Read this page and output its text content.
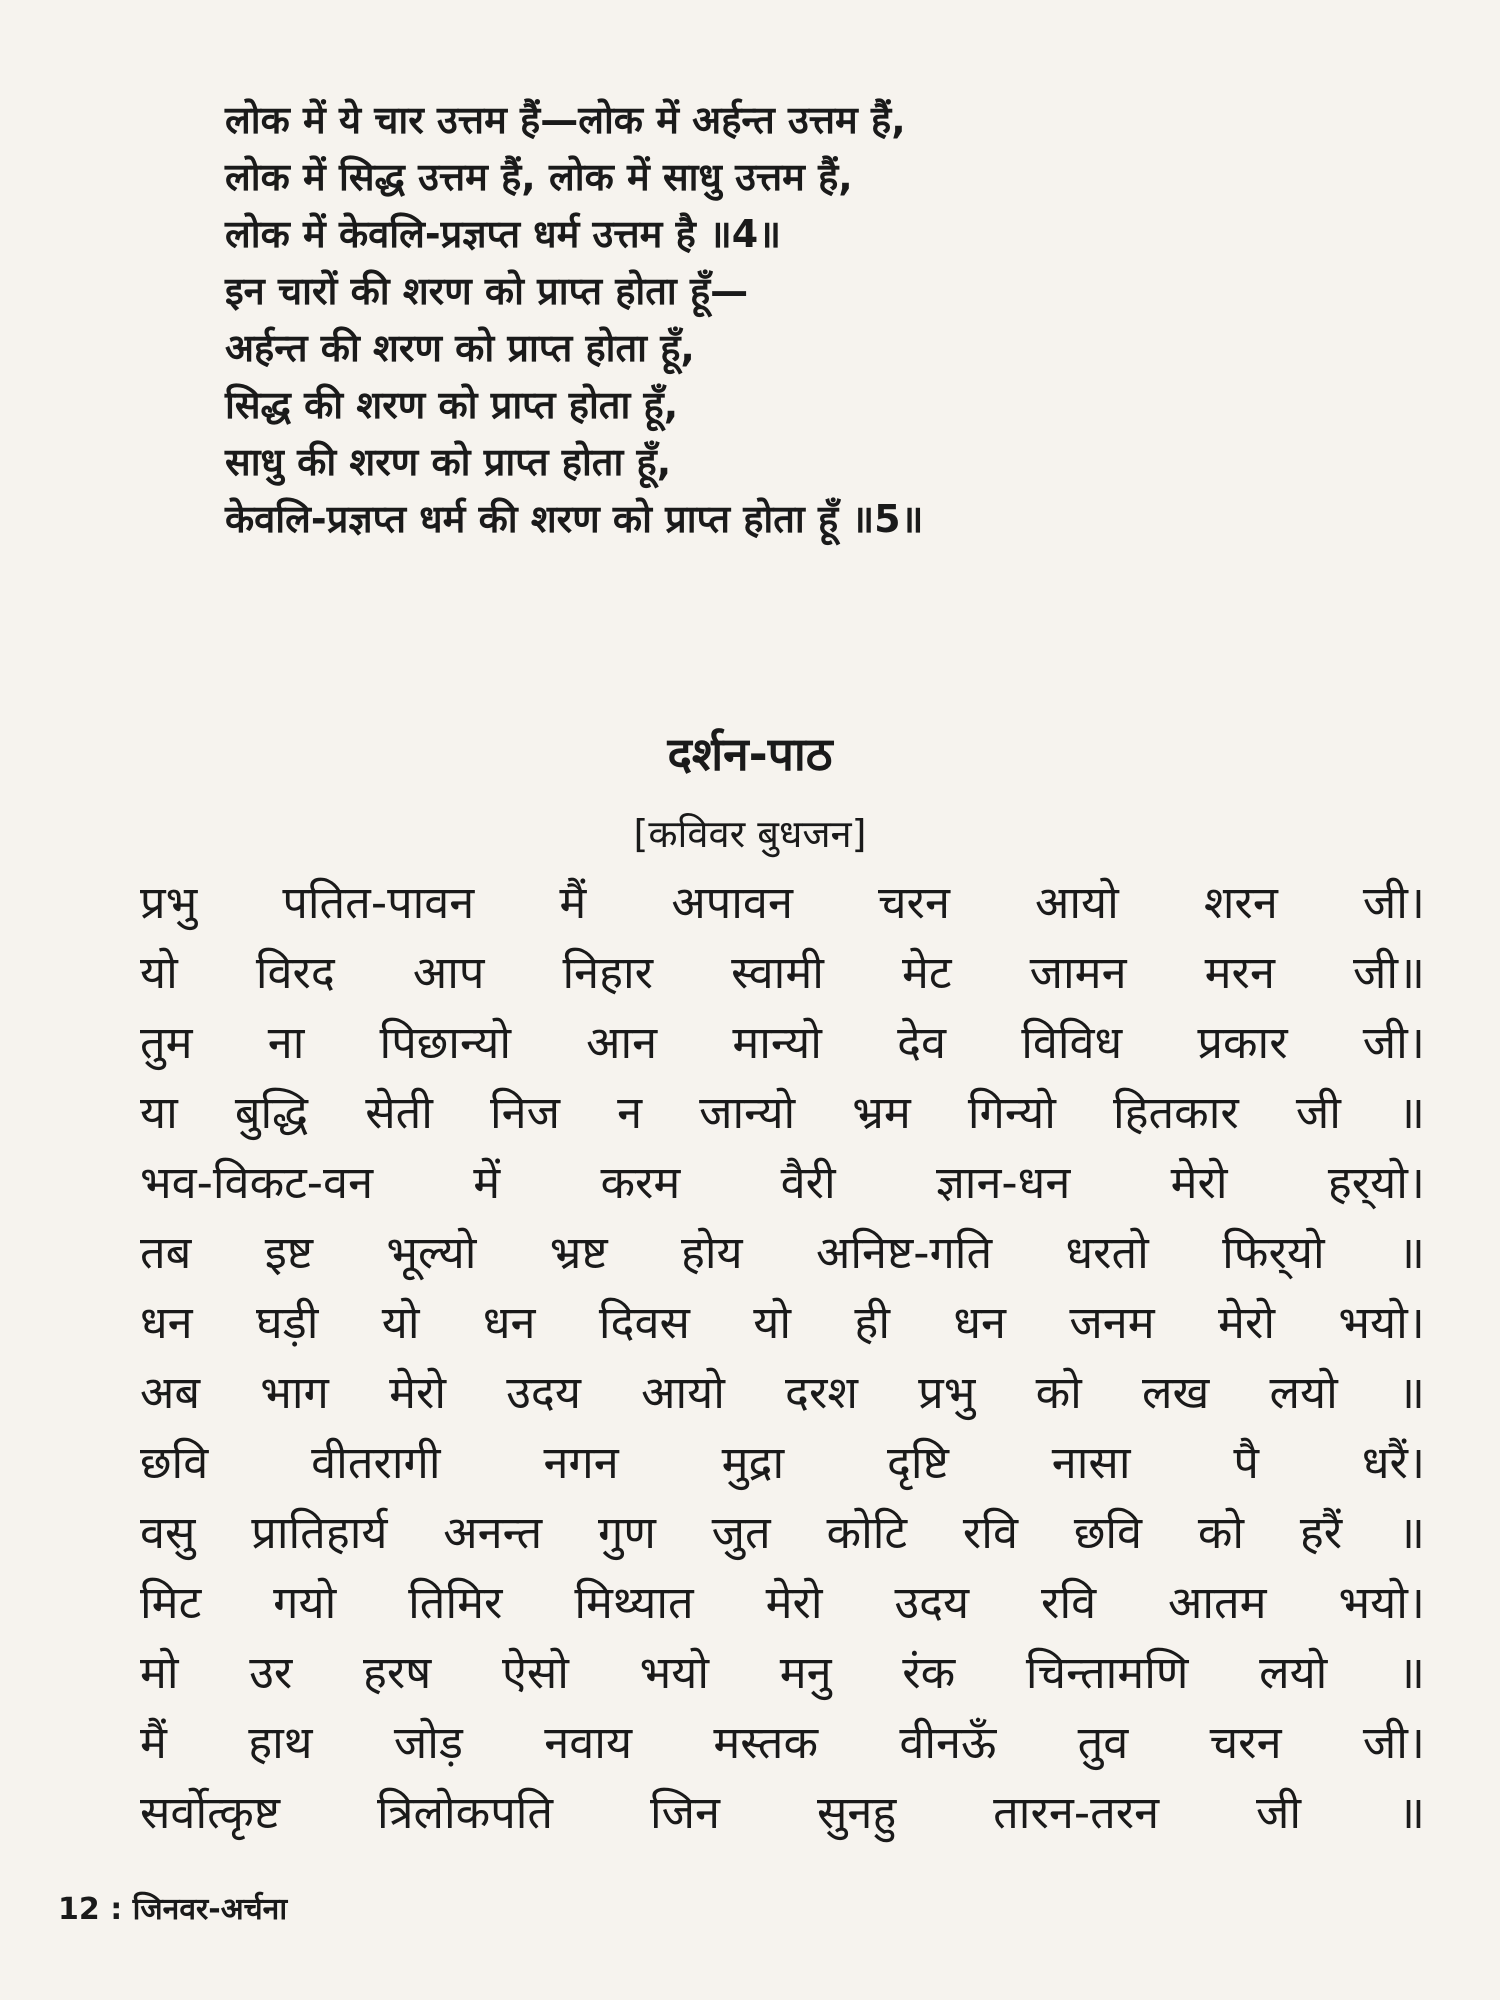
लोक में ये चार उत्तम हैं—लोक में अर्हन्त उत्तम हैं,
लोक में सिद्ध उत्तम हैं, लोक में साधु उत्तम हैं,
लोक में केवलि-प्रज्ञप्त धर्म उत्तम है ॥4॥
इन चारों की शरण को प्राप्त होता हूँ—
अर्हन्त की शरण को प्राप्त होता हूँ,
सिद्ध की शरण को प्राप्त होता हूँ,
साधु की शरण को प्राप्त होता हूँ,
केवलि-प्रज्ञप्त धर्म की शरण को प्राप्त होता हूँ ॥5॥
दर्शन-पाठ
[कविवर बुधजन]
प्रभु पतित-पावन मैं अपावन चरन आयो शरन जी।
यो विरद आप निहार स्वामी मेट जामन मरन जी॥
तुम ना पिछान्यो आन मान्यो देव विविध प्रकार जी।
या बुद्धि सेती निज न जान्यो भ्रम गिन्यो हितकार जी ॥
भव-विकट-वन में करम वैरी ज्ञान-धन मेरो हर्‌यो।
तब इष्ट भूल्यो भ्रष्ट होय अनिष्ट-गति धरतो फिर्‌यो ॥
धन घड़ी यो धन दिवस यो ही धन जनम मेरो भयो।
अब भाग मेरो उदय आयो दरश प्रभु को लख लयो ॥
छवि वीतरागी नगन मुद्रा दृष्टि नासा पै धरैं।
वसु प्रातिहार्य अनन्त गुण जुत कोटि रवि छवि को हरैं ॥
मिट गयो तिमिर मिथ्यात मेरो उदय रवि आतम भयो।
मो उर हरष ऐसो भयो मनु रंक चिन्तामणि लयो ॥
मैं हाथ जोड़ नवाय मस्तक वीनऊँ तुव चरन जी।
सर्वोत्कृष्ट त्रिलोकपति जिन सुनहु तारन-तरन जी ॥
12 : जिनवर-अर्चना
